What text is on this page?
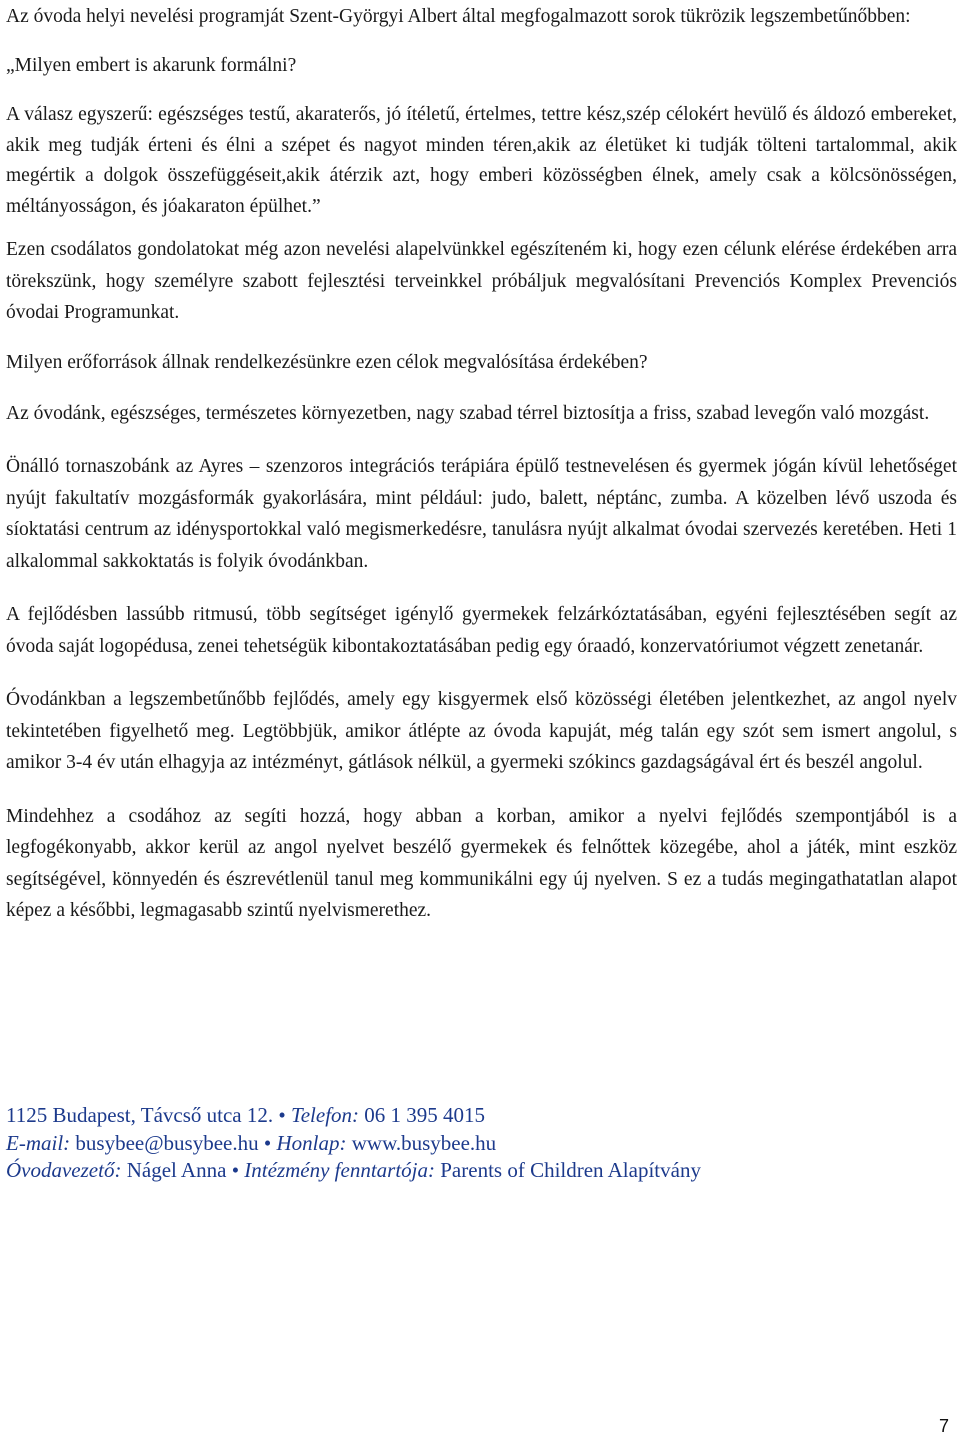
Az óvoda helyi nevelési programját Szent-Györgyi Albert által megfogalmazott sorok tükrözik legszembetűnőbben:

„Milyen embert is akarunk formálni?

A válasz egyszerű: egészséges testű, akaraterős, jó ítéletű, értelmes, tettre kész,szép célokért hevülő és áldozó embereket, akik meg tudják érteni és élni a szépet és nagyot minden téren,akik az életüket ki tudják tölteni tartalommal, akik megértik a dolgok összefüggéseit,akik átérzik azt, hogy emberi közösségben élnek, amely csak a kölcsönösségen, méltányosságon, és jóakaraton épülhet.”

Ezen csodálatos gondolatokat még azon nevelési alapelvünkkel egészíteném ki, hogy ezen célunk elérése érdekében arra törekszünk, hogy személyre szabott fejlesztési terveinkkel próbáljuk megvalósítani Prevenciós Komplex Prevenciós óvodai Programunkat.

Milyen erőforrások állnak rendelkezésünkre ezen célok megvalósítása érdekében?

Az óvodánk, egészséges, természetes környezetben, nagy szabad térrel biztosítja a friss, szabad levegőn való mozgást.

Önálló tornaszobánk az Ayres – szenzoros integrációs terápiára épülő testnevelésen és gyermek jógán kívül lehetőséget nyújt fakultatív mozgásformák gyakorlására, mint például: judo, balett, néptánc, zumba. A közelben lévő uszoda és síoktatási centrum az idénysportokkal való megismerkedésre, tanulásra nyújt alkalmat óvodai szervezés keretében. Heti 1 alkalommal sakkoktatás is folyik óvodánkban.

A fejlődésben lassúbb ritmusú, több segítséget igénylő gyermekek felzárkóztatásában, egyéni fejlesztésében segít az óvoda saját logopédusa, zenei tehetségük kibontakoztatásában pedig egy óraadó, konzervatóriumot végzett zenetanár.

Óvodánkban a legszembetűnőbb fejlődés, amely egy kisgyermek első közösségi életében jelentkezhet, az angol nyelv tekintetében figyelhető meg. Legtöbbjük, amikor átlépte az óvoda kapuját, még talán egy szót sem ismert angolul, s amikor 3-4 év után elhagyja az intézményt, gátlások nélkül, a gyermeki szókincs gazdagságával ért és beszél angolul.

Mindehhez a csodához az segíti hozzá, hogy abban a korban, amikor a nyelvi fejlődés szempontjából is a legfogékonyabb, akkor kerül az angol nyelvet beszélő gyermekek és felnőttek közegébe, ahol a játék, mint eszköz segítségével, könnyedén és észrevétlenül tanul meg kommunikálni egy új nyelven. S ez a tudás megingathatatlan alapot képez a későbbi, legmagasabb szintű nyelvismerethez.

1125 Budapest, Távcső utca 12. • Telefon: 06 1 395 4015
E-mail: busybee@busybee.hu • Honlap: www.busybee.hu
Óvodavezető: Nágel Anna • Intézmény fenntartója: Parents of Children Alapítvány
7
